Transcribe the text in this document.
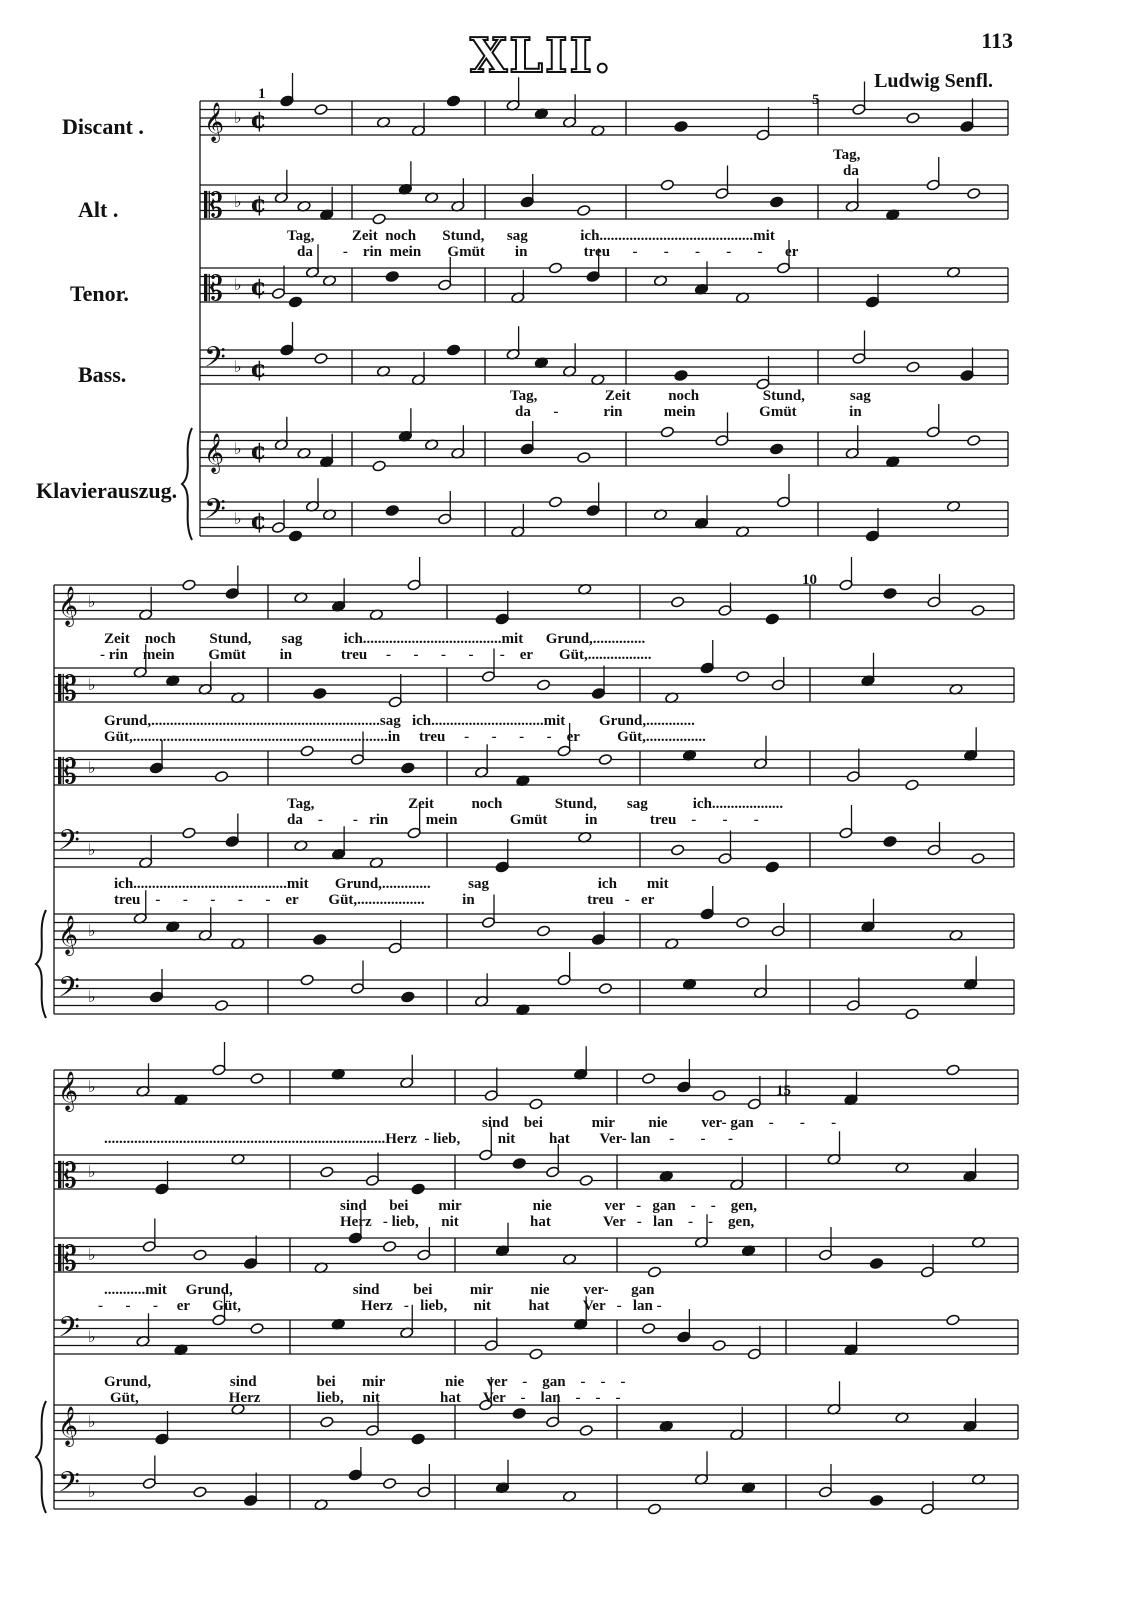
113
XLII.	Ludwig Senfl.
Discant .
Alt .
Tenor.
Bass.
Klavierauszug.
1	5
10
15
𝄞 ♭ ¢
𝄡 ♭ ¢
𝄡 ♭ ¢
𝄢 ♭ ¢
𝄞 ♭ ¢
𝄢 ♭ ¢
𝄞 ♭
𝄡 ♭
𝄡 ♭
𝄢 ♭
𝄞 ♭
𝄢 ♭
𝄞 ♭
𝄡 ♭
𝄡 ♭
𝄢 ♭
𝄞 ♭
𝄢 ♭
Tag,
da
Tag,          Zeit  noch       Stund,      sag              ich.........................................mit
da        -    rin  mein       Gmüt        in               treu      -       -       -       -       -      er
Tag,                  Zeit          noch                 Stund,            sag
da      -            rin           mein                 Gmüt              in
Zeit    noch         Stund,        sag           ich.....................................mit      Grund,..............
- rin    mein         Gmüt         in             treu     -      -      -      -       -    er       Güt,.................
Grund,.............................................................sag   ich..............................mit         Grund,.............
Güt,....................................................................in     treu     -      -      -      -    er          Güt,................
Tag,                         Zeit          noch              Stund,        sag            ich...................
da    -        -   rin          mein              Gmüt          in              treu    -       -       -
ich.........................................mit       Grund,.............          sag                             ich        mit
treu    -      -      -      -      -    er        Güt,..................          in                              treu   -   er
sind    bei             mir         nie         ver- gan    -       -       -
...........................................................................Herz  - lieb,          nit         hat        Ver- lan     -       -      -
sind      bei        mir                   nie              ver   -   gan    -    -    gen,
Herz   - lieb,      nit                   hat              Ver   -   lan    -    -    gen,
...........mit     Grund,                                sind         bei          mir          nie         ver-      gan
-      -      -     er      Güt,                                Herz   -   lieb,       nit          hat         Ver   -   lan -
Grund,                     sind                bei       mir                nie      ver    -    gan    -    -    -
Güt,                        Herz               lieb,     nit                hat      Ver    -    lan    -    -    -
